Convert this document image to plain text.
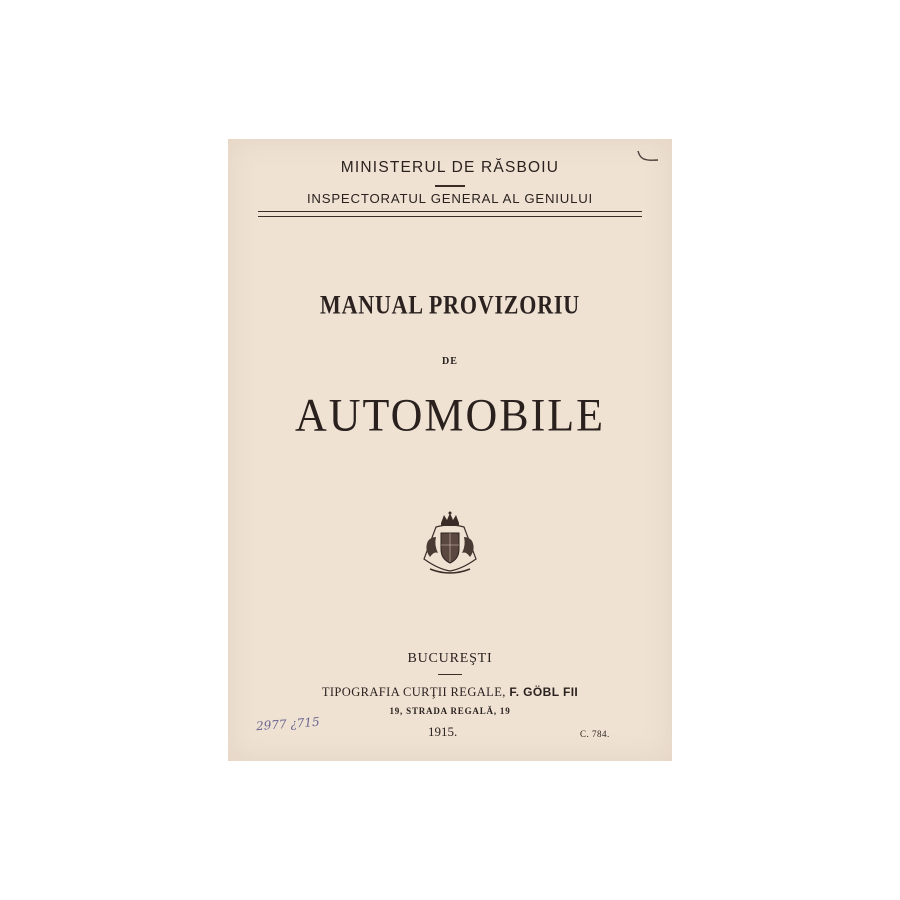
MINISTERUL DE RĂSBOIU
INSPECTORATUL GENERAL AL GENIULUI
MANUAL PROVIZORIU
DE
AUTOMOBILE
BUCUREŞTI
TIPOGRAFIA CURŢII REGALE, F. GÖBL FII
19, STRADA REGALĂ, 19
1915.	C. 784.
2977 ¿715
